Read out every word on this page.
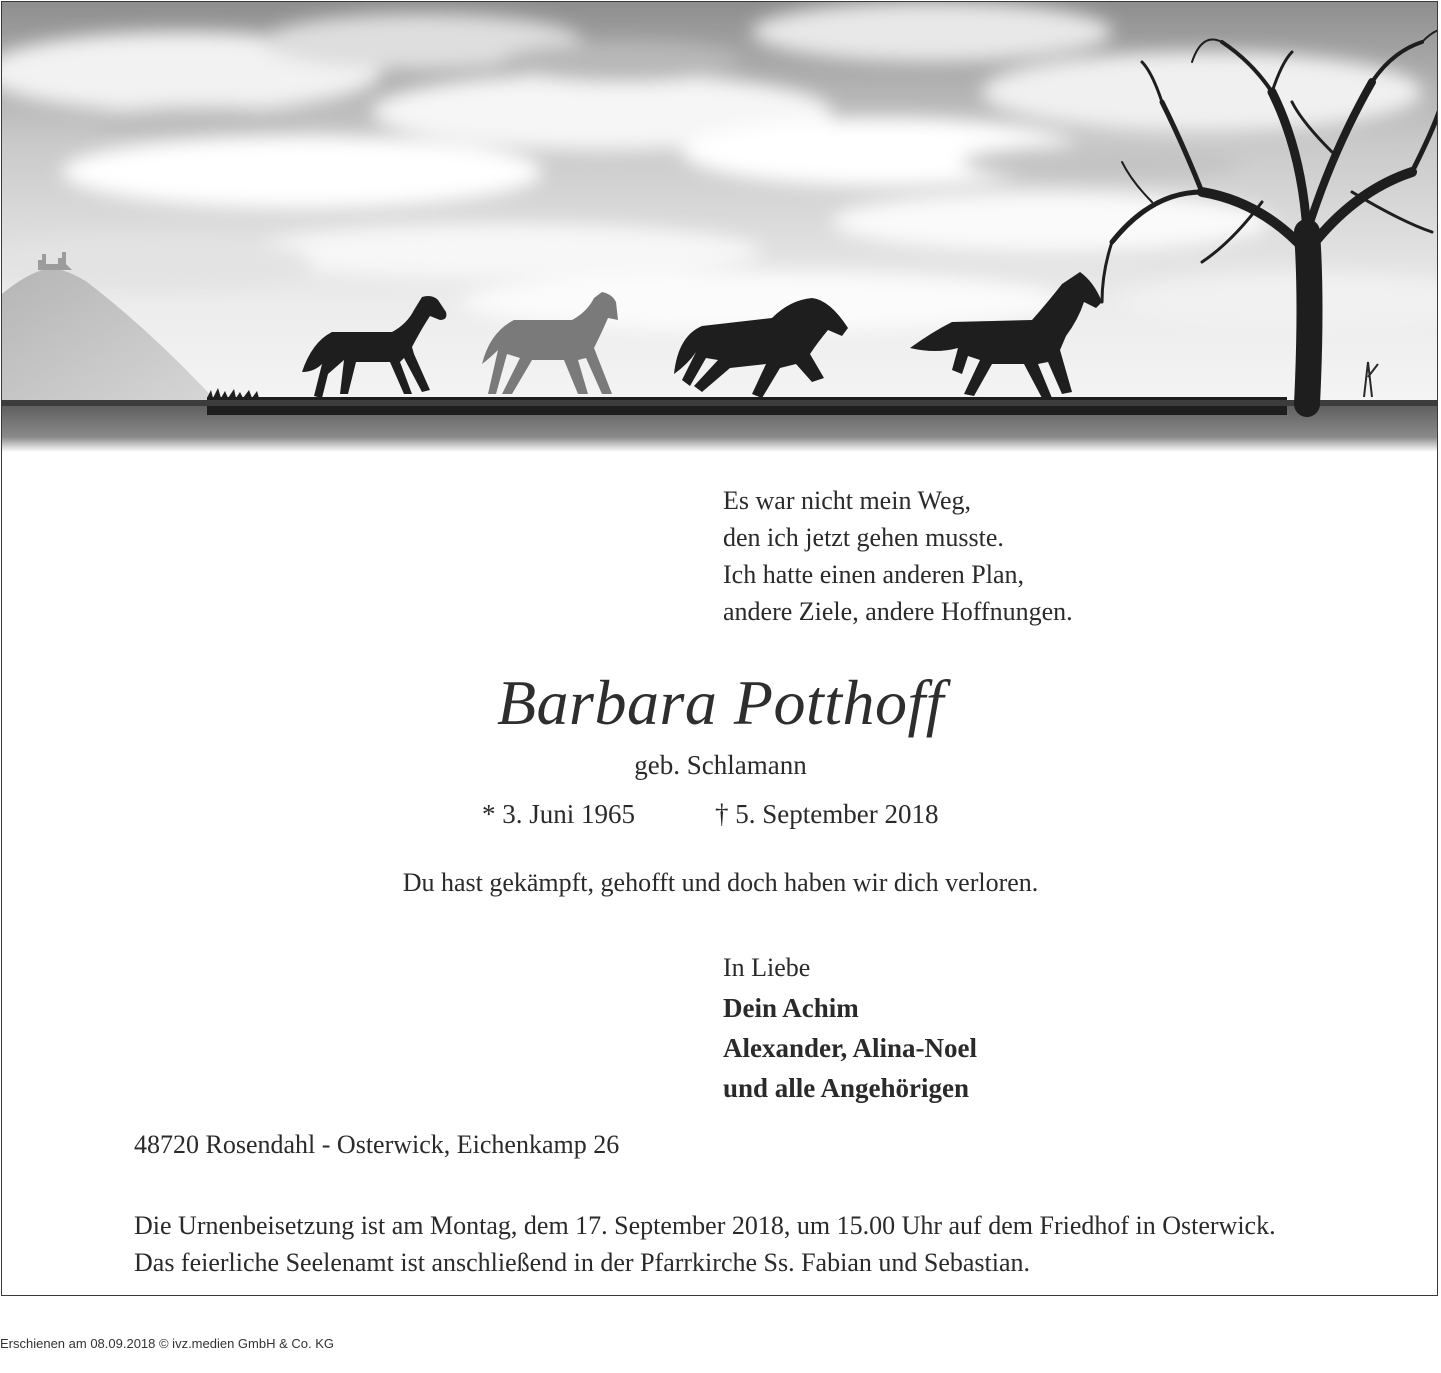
Es war nicht mein Weg,
den ich jetzt gehen musste.
Ich hatte einen anderen Plan,
andere Ziele, andere Hoffnungen.
Barbara Potthoff
geb. Schlamann
* 3. Juni 1965	† 5. September 2018
Du hast gekämpft, gehofft und doch haben wir dich verloren.
In Liebe
Dein Achim
Alexander, Alina-Noel
und alle Angehörigen
48720 Rosendahl - Osterwick, Eichenkamp 26
Die Urnenbeisetzung ist am Montag, dem 17. September 2018, um 15.00 Uhr auf dem Friedhof in Osterwick.
Das feierliche Seelenamt ist anschließend in der Pfarrkirche Ss. Fabian und Sebastian.
Erschienen am 08.09.2018 © ivz.medien GmbH & Co. KG
